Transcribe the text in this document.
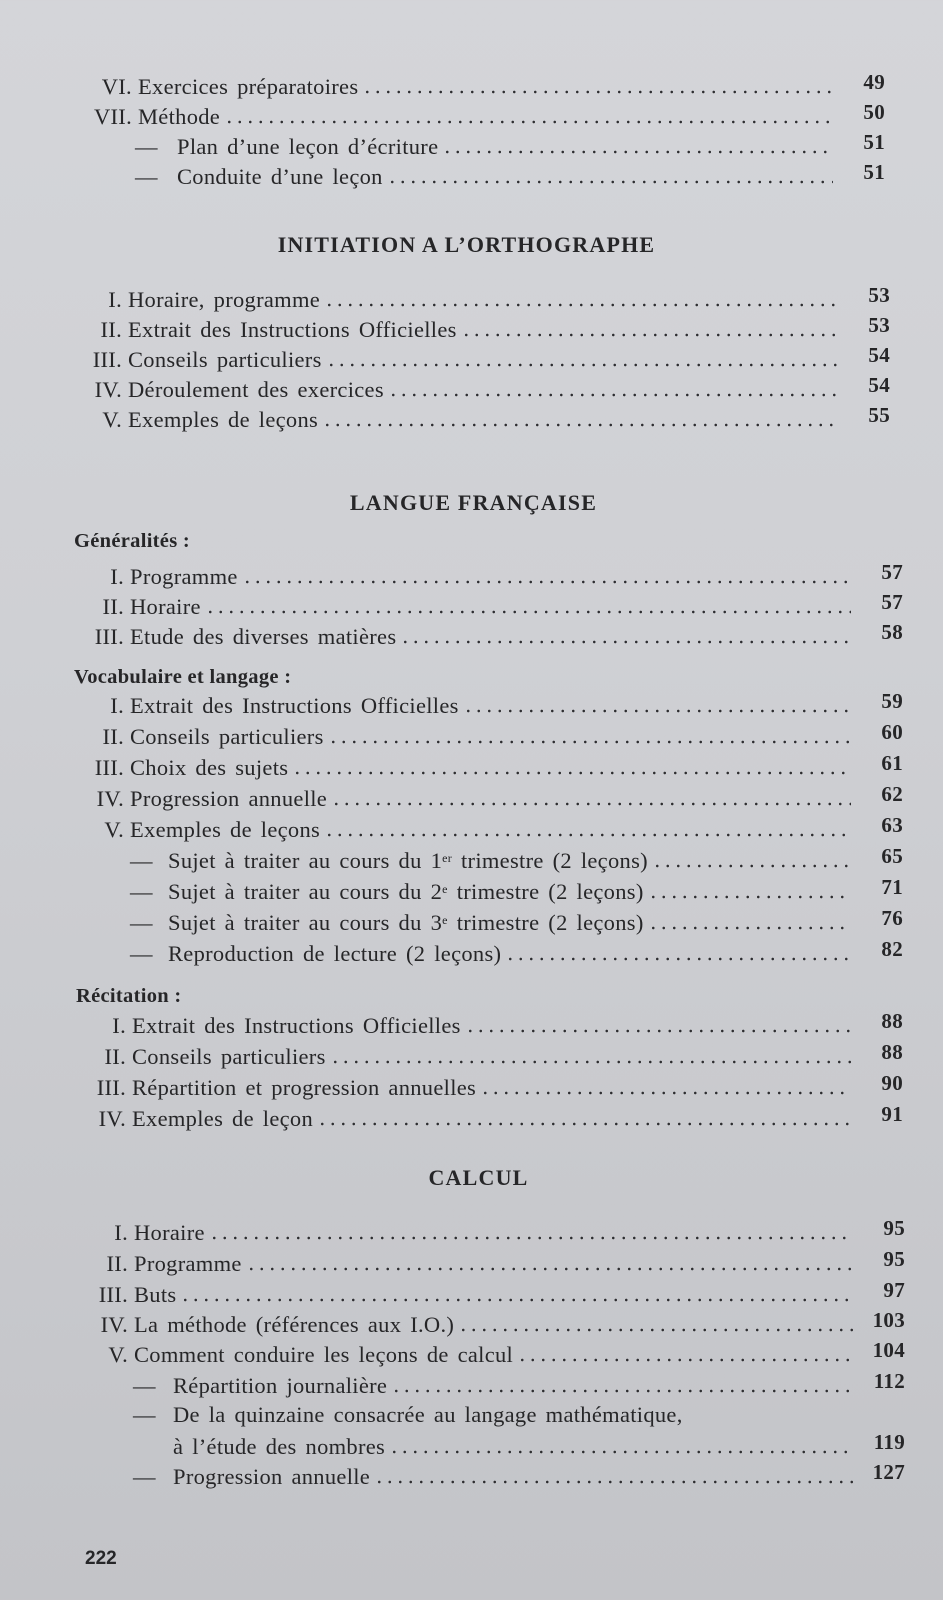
VI. Exercices préparatoires	49
VII. Méthode	50
— Plan d’une leçon d’écriture	51
— Conduite d’une leçon	51
INITIATION A L’ORTHOGRAPHE
I. Horaire, programme	53
II. Extrait des Instructions Officielles	53
III. Conseils particuliers	54
IV. Déroulement des exercices	54
V. Exemples de leçons	55
LANGUE FRANÇAISE
Généralités :
I. Programme	57
II. Horaire	57
III. Etude des diverses matières	58
Vocabulaire et langage :
I. Extrait des Instructions Officielles	59
II. Conseils particuliers	60
III. Choix des sujets	61
IV. Progression annuelle	62
V. Exemples de leçons	63
— Sujet à traiter au cours du 1er trimestre (2 leçons)	65
— Sujet à traiter au cours du 2e trimestre (2 leçons)	71
— Sujet à traiter au cours du 3e trimestre (2 leçons)	76
— Reproduction de lecture (2 leçons)	82
Récitation :
I. Extrait des Instructions Officielles	88
II. Conseils particuliers	88
III. Répartition et progression annuelles	90
IV. Exemples de leçon	91
CALCUL
I. Horaire	95
II. Programme	95
III. Buts	97
IV. La méthode (références aux I.O.)	103
V. Comment conduire les leçons de calcul	104
— Répartition journalière	112
— De la quinzaine consacrée au langage mathématique,
à l’étude des nombres	119
— Progression annuelle	127
222
